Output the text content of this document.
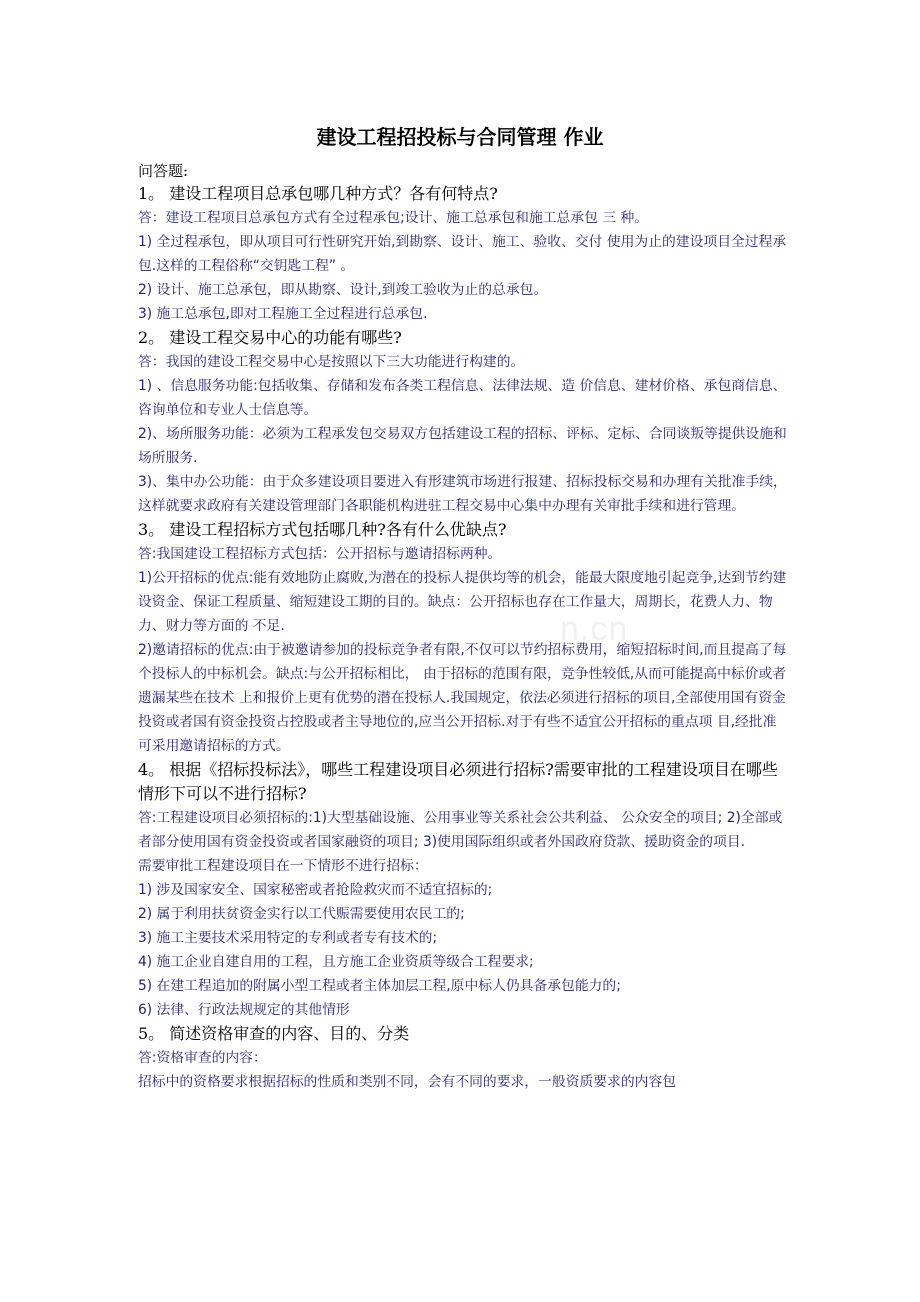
建设工程招投标与合同管理 作业

问答题:

1。 建设工程项目总承包哪几种方式？各有何特点?

答：建设工程项目总承包方式有全过程承包;设计、施工总承包和施工总承包 三 种。

1) 全过程承包，即从项目可行性研究开始,到勘察、设计、施工、验收、交付 使用为止的建设项目全过程承包.这样的工程俗称“交钥匙工程” 。

2) 设计、施工总承包，即从勘察、设计,到竣工验收为止的总承包。

3) 施工总承包,即对工程施工全过程进行总承包.

2。 建设工程交易中心的功能有哪些?

答：我国的建设工程交易中心是按照以下三大功能进行构建的。

1) 、信息服务功能:包括收集、存储和发布各类工程信息、法律法规、造 价信息、建材价格、承包商信息、咨询单位和专业人士信息等。

2)、场所服务功能：必须为工程承发包交易双方包括建设工程的招标、评标、定标、合同谈叛等提供设施和场所服务.

3)、集中办公功能：由于众多建设项目要进入有形建筑市场进行报建、招标投标交易和办理有关批准手续，这样就要求政府有关建设管理部门各职能机构进驻工程交易中心集中办理有关审批手续和进行管理。

3。 建设工程招标方式包括哪几种?各有什么优缺点?

答:我国建设工程招标方式包括：公开招标与邀请招标两种。

1)公开招标的优点:能有效地防止腐败,为潜在的投标人提供均等的机会，能最大限度地引起竞争,达到节约建设资金、保证工程质量、缩短建设工期的目的。缺点：公开招标也存在工作量大，周期长，花费人力、物力、财力等方面的 不足.

2)邀请招标的优点:由于被邀请参加的投标竞争者有限,不仅可以节约招标费用，缩短招标时间,而且提高了每个投标人的中标机会。缺点:与公开招标相比， 由于招标的范围有限，竞争性较低,从而可能提高中标价或者遗漏某些在技术 上和报价上更有优势的潜在投标人.我国规定，依法必须进行招标的项目,全部使用国有资金投资或者国有资金投资占控股或者主导地位的,应当公开招标.对于有些不适宜公开招标的重点项 目,经批准可采用邀请招标的方式。

4。 根据《招标投标法》，哪些工程建设项目必须进行招标?需要审批的工程建设项目在哪些情形下可以不进行招标?

答:工程建设项目必须招标的:1)大型基础设施、公用事业等关系社会公共利益、 公众安全的项目; 2)全部或者部分使用国有资金投资或者国家融资的项目; 3)使用国际组织或者外国政府贷款、援助资金的项目.

需要审批工程建设项目在一下情形不进行招标：

1) 涉及国家安全、国家秘密或者抢险救灾而不适宜招标的;

2) 属于利用扶贫资金实行以工代赈需要使用农民工的;

3) 施工主要技术采用特定的专利或者专有技术的;

4) 施工企业自建自用的工程，且方施工企业资质等级合工程要求;

5) 在建工程追加的附属小型工程或者主体加层工程,原中标人仍具备承包能力的;

6) 法律、行政法规规定的其他情形

5。 简述资格审查的内容、目的、分类

答:资格审查的内容：

招标中的资格要求根据招标的性质和类别不同，会有不同的要求，一般资质要求的内容包

n.cn
